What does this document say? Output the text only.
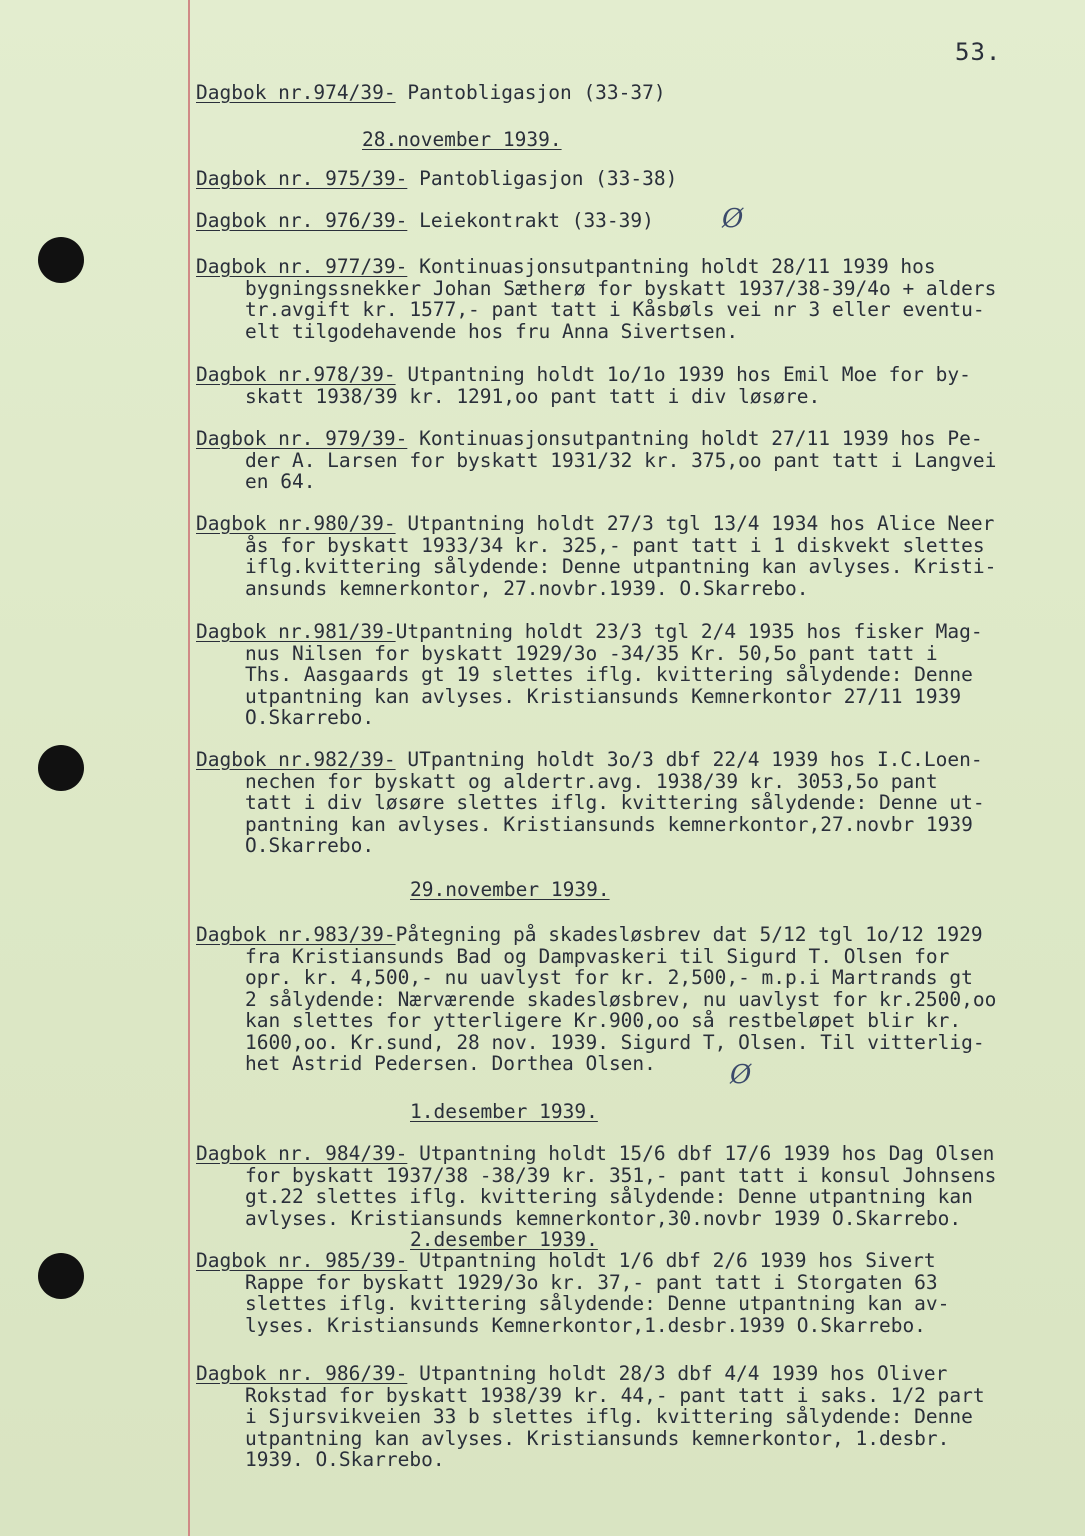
53.
Dagbok nr.974/39- Pantobligasjon (33-37)
28.november 1939.
Dagbok nr. 975/39- Pantobligasjon (33-38)
Dagbok nr. 976/39- Leiekontrakt (33-39)	Ø
Dagbok nr. 977/39- Kontinuasjonsutpantning holdt 28/11 1939 hos
bygningssnekker Johan Sætherø for byskatt 1937/38-39/4o + alders
tr.avgift kr. 1577,- pant tatt i Kåsbøls vei nr 3 eller eventu-
elt tilgodehavende hos fru Anna Sivertsen.
Dagbok nr.978/39- Utpantning holdt 1o/1o 1939 hos Emil Moe for by-
skatt 1938/39 kr. 1291,oo pant tatt i div løsøre.
Dagbok nr. 979/39- Kontinuasjonsutpantning holdt 27/11 1939 hos Pe-
der A. Larsen for byskatt 1931/32 kr. 375,oo pant tatt i Langvei
en 64.
Dagbok nr.980/39- Utpantning holdt 27/3 tgl 13/4 1934 hos Alice Neer
ås for byskatt 1933/34 kr. 325,- pant tatt i 1 diskvekt slettes
iflg.kvittering sålydende: Denne utpantning kan avlyses. Kristi-
ansunds kemnerkontor, 27.novbr.1939. O.Skarrebo.
Dagbok nr.981/39-Utpantning holdt 23/3 tgl 2/4 1935 hos fisker Mag-
nus Nilsen for byskatt 1929/3o -34/35 Kr. 50,5o pant tatt i
Ths. Aasgaards gt 19 slettes iflg. kvittering sålydende: Denne
utpantning kan avlyses. Kristiansunds Kemnerkontor 27/11 1939
O.Skarrebo.
Dagbok nr.982/39- UTpantning holdt 3o/3 dbf 22/4 1939 hos I.C.Loen-
nechen for byskatt og aldertr.avg. 1938/39 kr. 3053,5o pant
tatt i div løsøre slettes iflg. kvittering sålydende: Denne ut-
pantning kan avlyses. Kristiansunds kemnerkontor,27.novbr 1939
O.Skarrebo.
29.november 1939.
Dagbok nr.983/39-Påtegning på skadesløsbrev dat 5/12 tgl 1o/12 1929
fra Kristiansunds Bad og Dampvaskeri til Sigurd T. Olsen for
opr. kr. 4,500,- nu uavlyst for kr. 2,500,- m.p.i Martrands gt
2 sålydende: Nærværende skadesløsbrev, nu uavlyst for kr.2500,oo
kan slettes for ytterligere Kr.900,oo så restbeløpet blir kr.
1600,oo. Kr.sund, 28 nov. 1939. Sigurd T, Olsen. Til vitterlig-
het Astrid Pedersen. Dorthea Olsen.	Ø
1.desember 1939.
Dagbok nr. 984/39- Utpantning holdt 15/6 dbf 17/6 1939 hos Dag Olsen
for byskatt 1937/38 -38/39 kr. 351,- pant tatt i konsul Johnsens
gt.22 slettes iflg. kvittering sålydende: Denne utpantning kan
avlyses. Kristiansunds kemnerkontor,30.novbr 1939 O.Skarrebo.
2.desember 1939.
Dagbok nr. 985/39- Utpantning holdt 1/6 dbf 2/6 1939 hos Sivert
Rappe for byskatt 1929/3o kr. 37,- pant tatt i Storgaten 63
slettes iflg. kvittering sålydende: Denne utpantning kan av-
lyses. Kristiansunds Kemnerkontor,1.desbr.1939 O.Skarrebo.
Dagbok nr. 986/39- Utpantning holdt 28/3 dbf 4/4 1939 hos Oliver
Rokstad for byskatt 1938/39 kr. 44,- pant tatt i saks. 1/2 part
i Sjursvikveien 33 b slettes iflg. kvittering sålydende: Denne
utpantning kan avlyses. Kristiansunds kemnerkontor, 1.desbr.
1939. O.Skarrebo.
